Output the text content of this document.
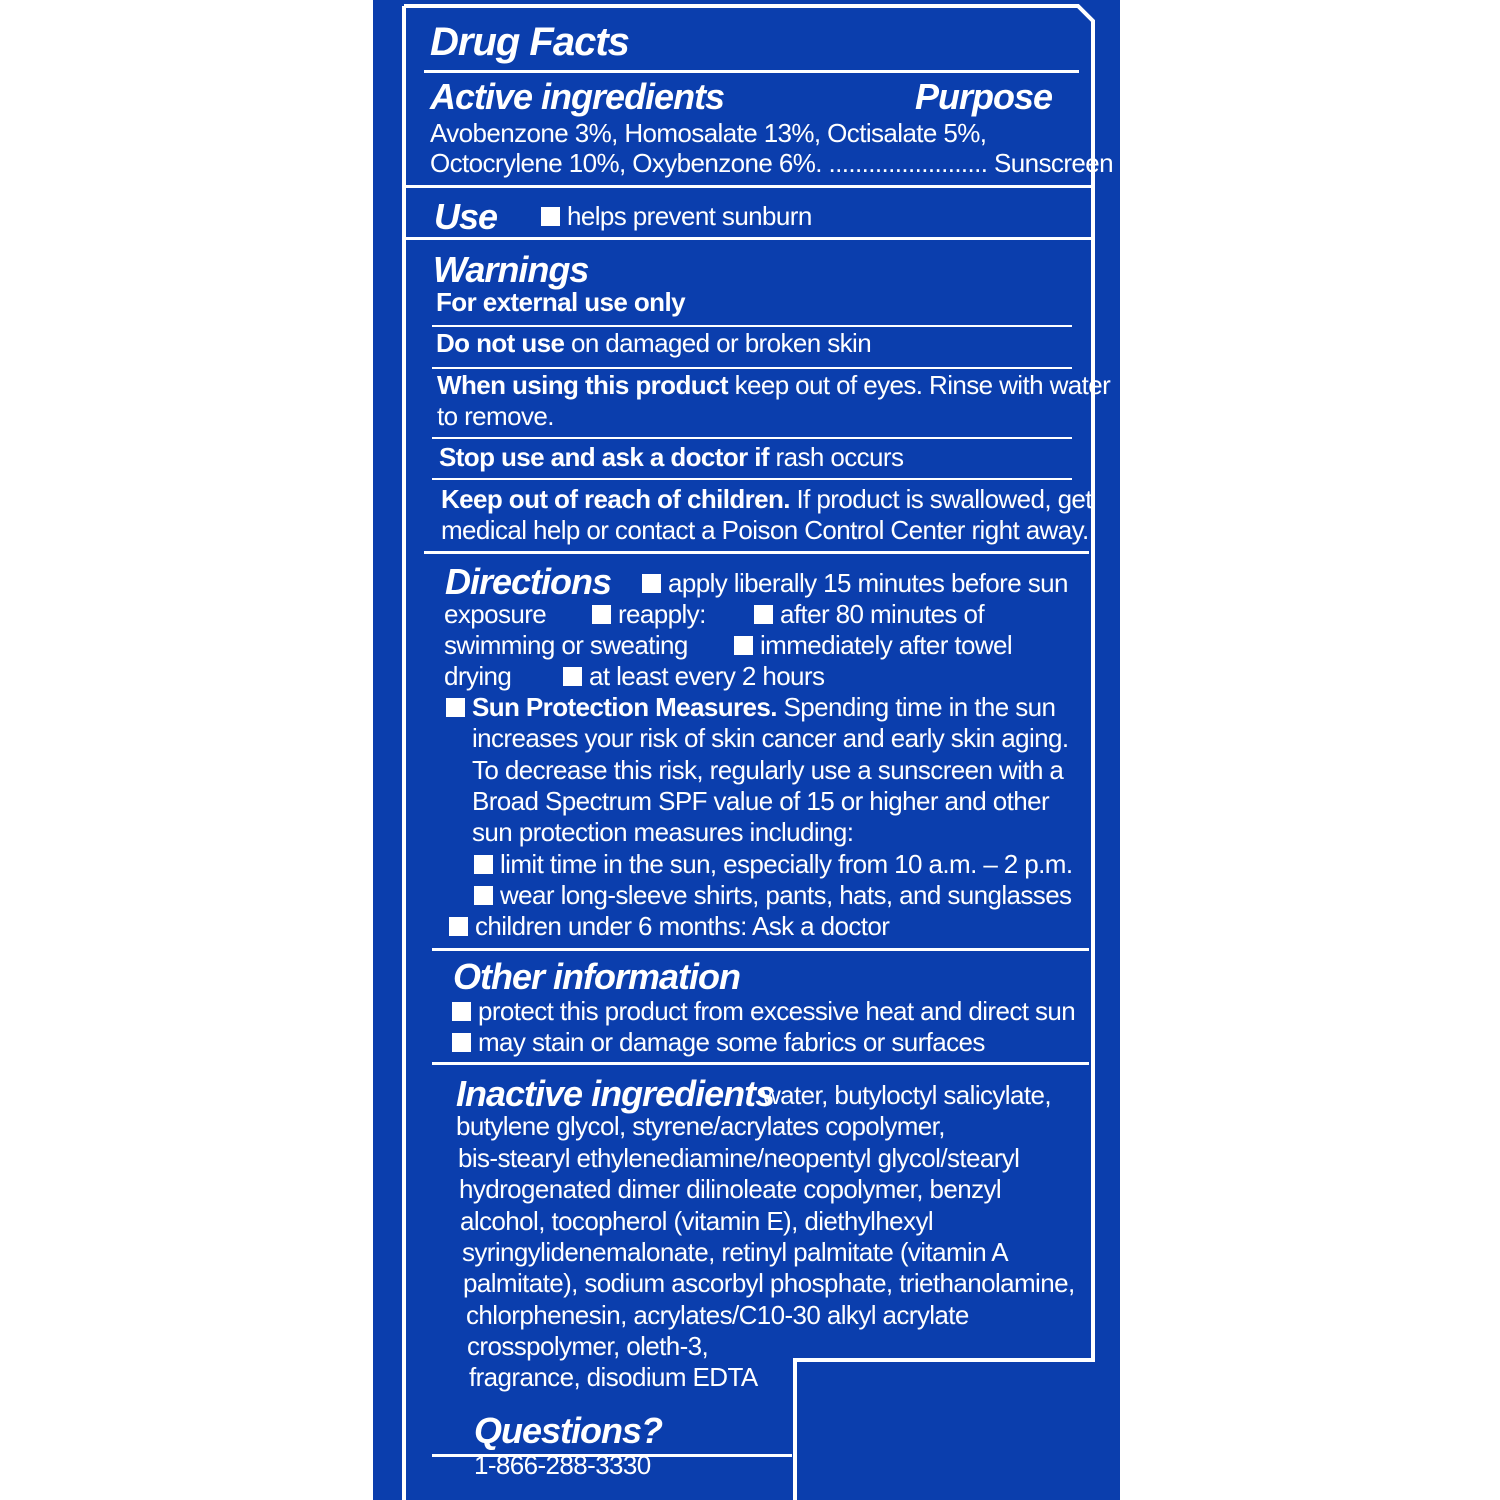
Drug Facts
Active ingredients	Purpose
Avobenzone 3%, Homosalate 13%, Octisalate 5%,
Octocrylene 10%, Oxybenzone 6%. ........................ Sunscreen
Use	helps prevent sunburn
Warnings
For external use only
Do not use on damaged or broken skin
When using this product keep out of eyes. Rinse with water
to remove.
Stop use and ask a doctor if rash occurs
Keep out of reach of children. If product is swallowed, get
medical help or contact a Poison Control Center right away.
Directions	apply liberally 15 minutes before sun
exposure	reapply:	after 80 minutes of
swimming or sweating	immediately after towel
drying	at least every 2 hours
Sun Protection Measures. Spending time in the sun
increases your risk of skin cancer and early skin aging.
To decrease this risk, regularly use a sunscreen with a
Broad Spectrum SPF value of 15 or higher and other
sun protection measures including:
limit time in the sun, especially from 10 a.m. – 2 p.m.
wear long-sleeve shirts, pants, hats, and sunglasses
children under 6 months: Ask a doctor
Other information
protect this product from excessive heat and direct sun
may stain or damage some fabrics or surfaces
Inactive ingredients
water, butyloctyl salicylate,
butylene glycol, styrene/acrylates copolymer,
bis-stearyl ethylenediamine/neopentyl glycol/stearyl
hydrogenated dimer dilinoleate copolymer, benzyl
alcohol, tocopherol (vitamin E), diethylhexyl
syringylidenemalonate, retinyl palmitate (vitamin A
palmitate), sodium ascorbyl phosphate, triethanolamine,
chlorphenesin, acrylates/C10-30 alkyl acrylate
crosspolymer, oleth-3,
fragrance, disodium EDTA
Questions?
1-866-288-3330
